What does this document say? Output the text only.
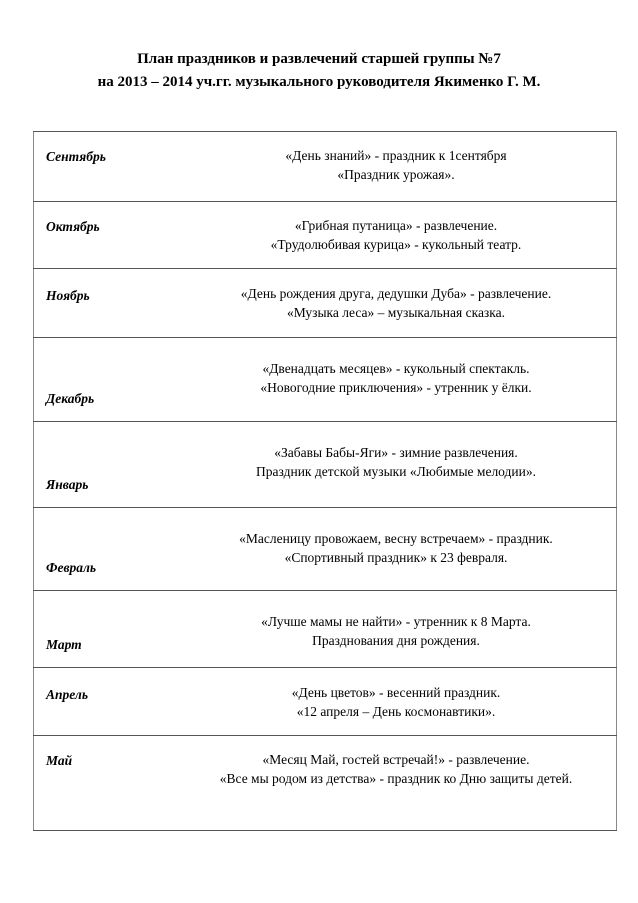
План праздников и развлечений старшей группы №7
на 2013 – 2014 уч.гг. музыкального руководителя Якименко Г. М.
Сентябрь	«День знаний» - праздник к 1сентября
«Праздник урожая».

Октябрь	«Грибная путаница» - развлечение.
«Трудолюбивая курица» - кукольный театр.

Ноябрь	«День рождения друга, дедушки Дуба» - развлечение.
«Музыка леса» – музыкальная сказка.

Декабрь	«Двенадцать месяцев» - кукольный спектакль.
«Новогодние приключения» - утренник у ёлки.

Январь	«Забавы Бабы-Яги» - зимние развлечения.
Праздник детской музыки «Любимые мелодии».

Февраль	«Масленицу провожаем, весну встречаем» - праздник.
«Спортивный праздник» к 23 февраля.

Март	«Лучше мамы не найти» - утренник к 8 Марта.
Празднования дня рождения.

Апрель	«День цветов» - весенний праздник.
«12 апреля – День космонавтики».

Май	«Месяц Май, гостей встречай!» - развлечение.
«Все мы родом из детства» - праздник ко Дню защиты детей.
